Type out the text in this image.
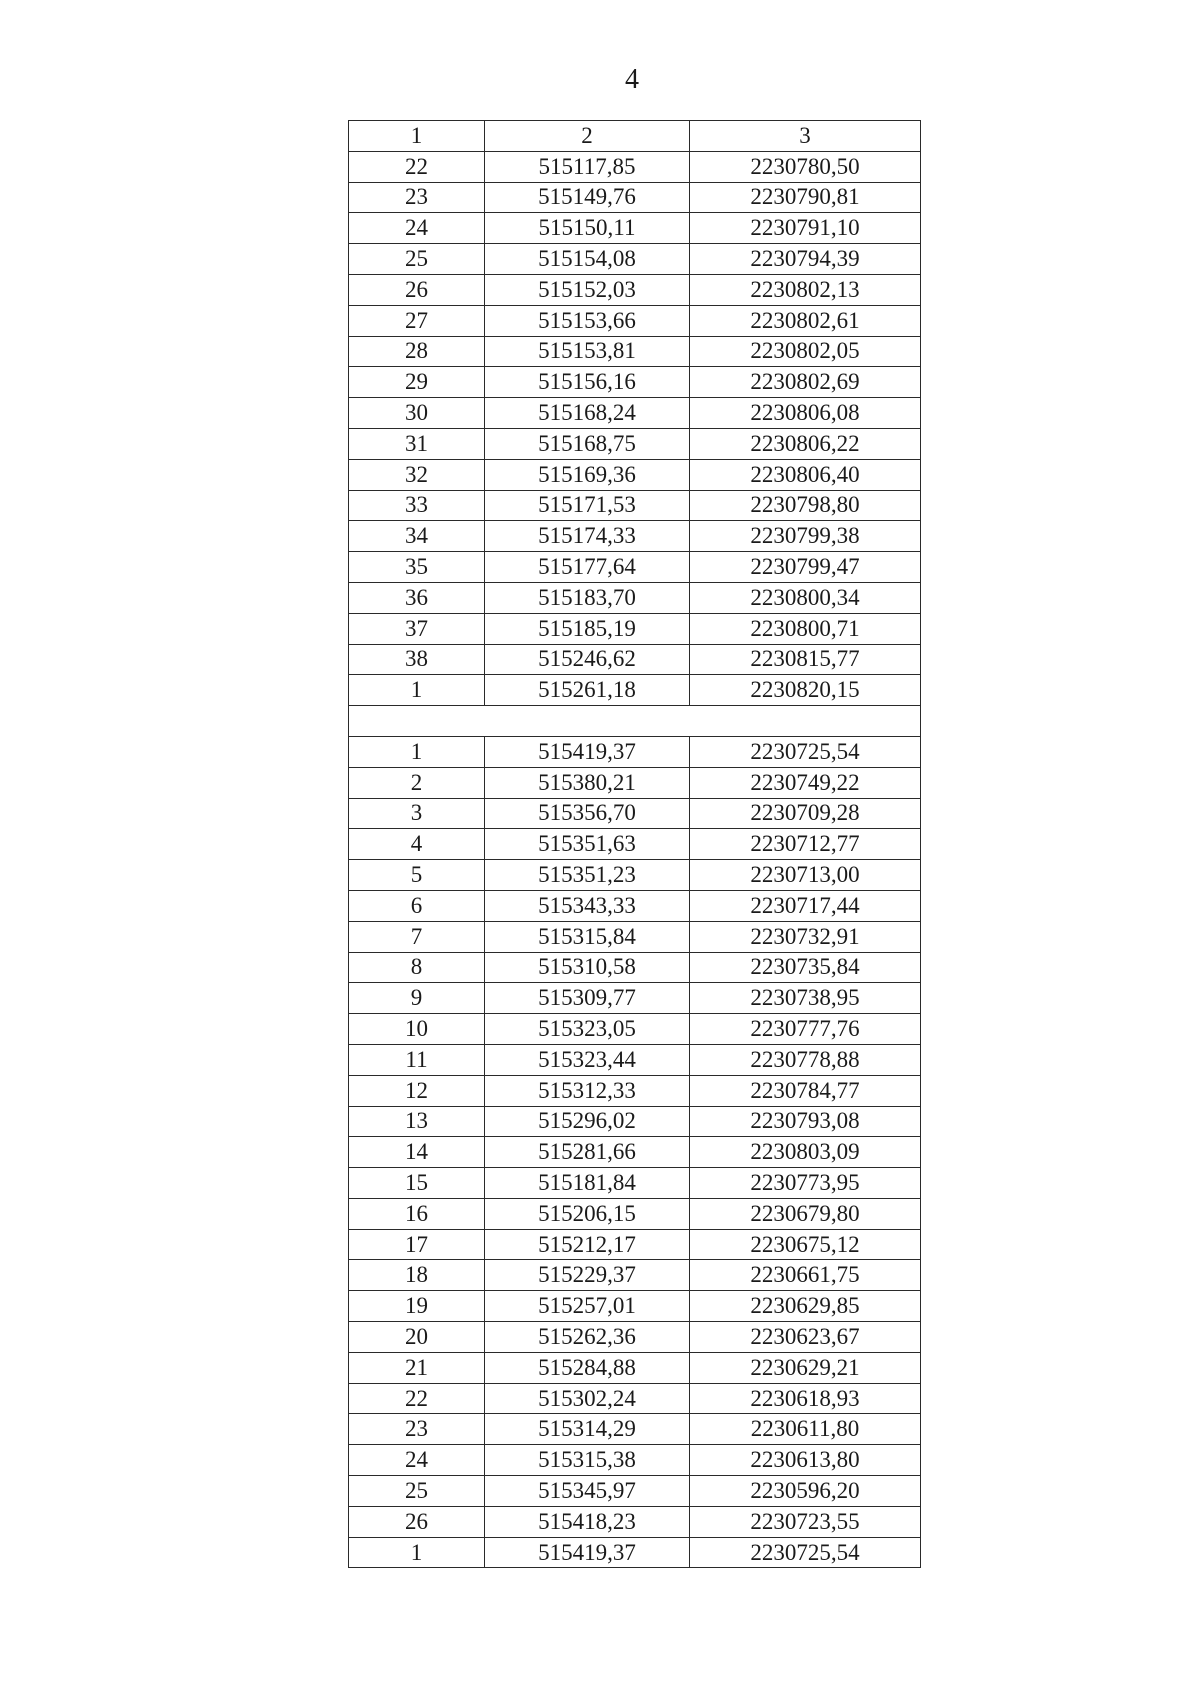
4
1	2	3
22	515117,85	2230780,50
23	515149,76	2230790,81
24	515150,11	2230791,10
25	515154,08	2230794,39
26	515152,03	2230802,13
27	515153,66	2230802,61
28	515153,81	2230802,05
29	515156,16	2230802,69
30	515168,24	2230806,08
31	515168,75	2230806,22
32	515169,36	2230806,40
33	515171,53	2230798,80
34	515174,33	2230799,38
35	515177,64	2230799,47
36	515183,70	2230800,34
37	515185,19	2230800,71
38	515246,62	2230815,77
1	515261,18	2230820,15

1	515419,37	2230725,54
2	515380,21	2230749,22
3	515356,70	2230709,28
4	515351,63	2230712,77
5	515351,23	2230713,00
6	515343,33	2230717,44
7	515315,84	2230732,91
8	515310,58	2230735,84
9	515309,77	2230738,95
10	515323,05	2230777,76
11	515323,44	2230778,88
12	515312,33	2230784,77
13	515296,02	2230793,08
14	515281,66	2230803,09
15	515181,84	2230773,95
16	515206,15	2230679,80
17	515212,17	2230675,12
18	515229,37	2230661,75
19	515257,01	2230629,85
20	515262,36	2230623,67
21	515284,88	2230629,21
22	515302,24	2230618,93
23	515314,29	2230611,80
24	515315,38	2230613,80
25	515345,97	2230596,20
26	515418,23	2230723,55
1	515419,37	2230725,54
